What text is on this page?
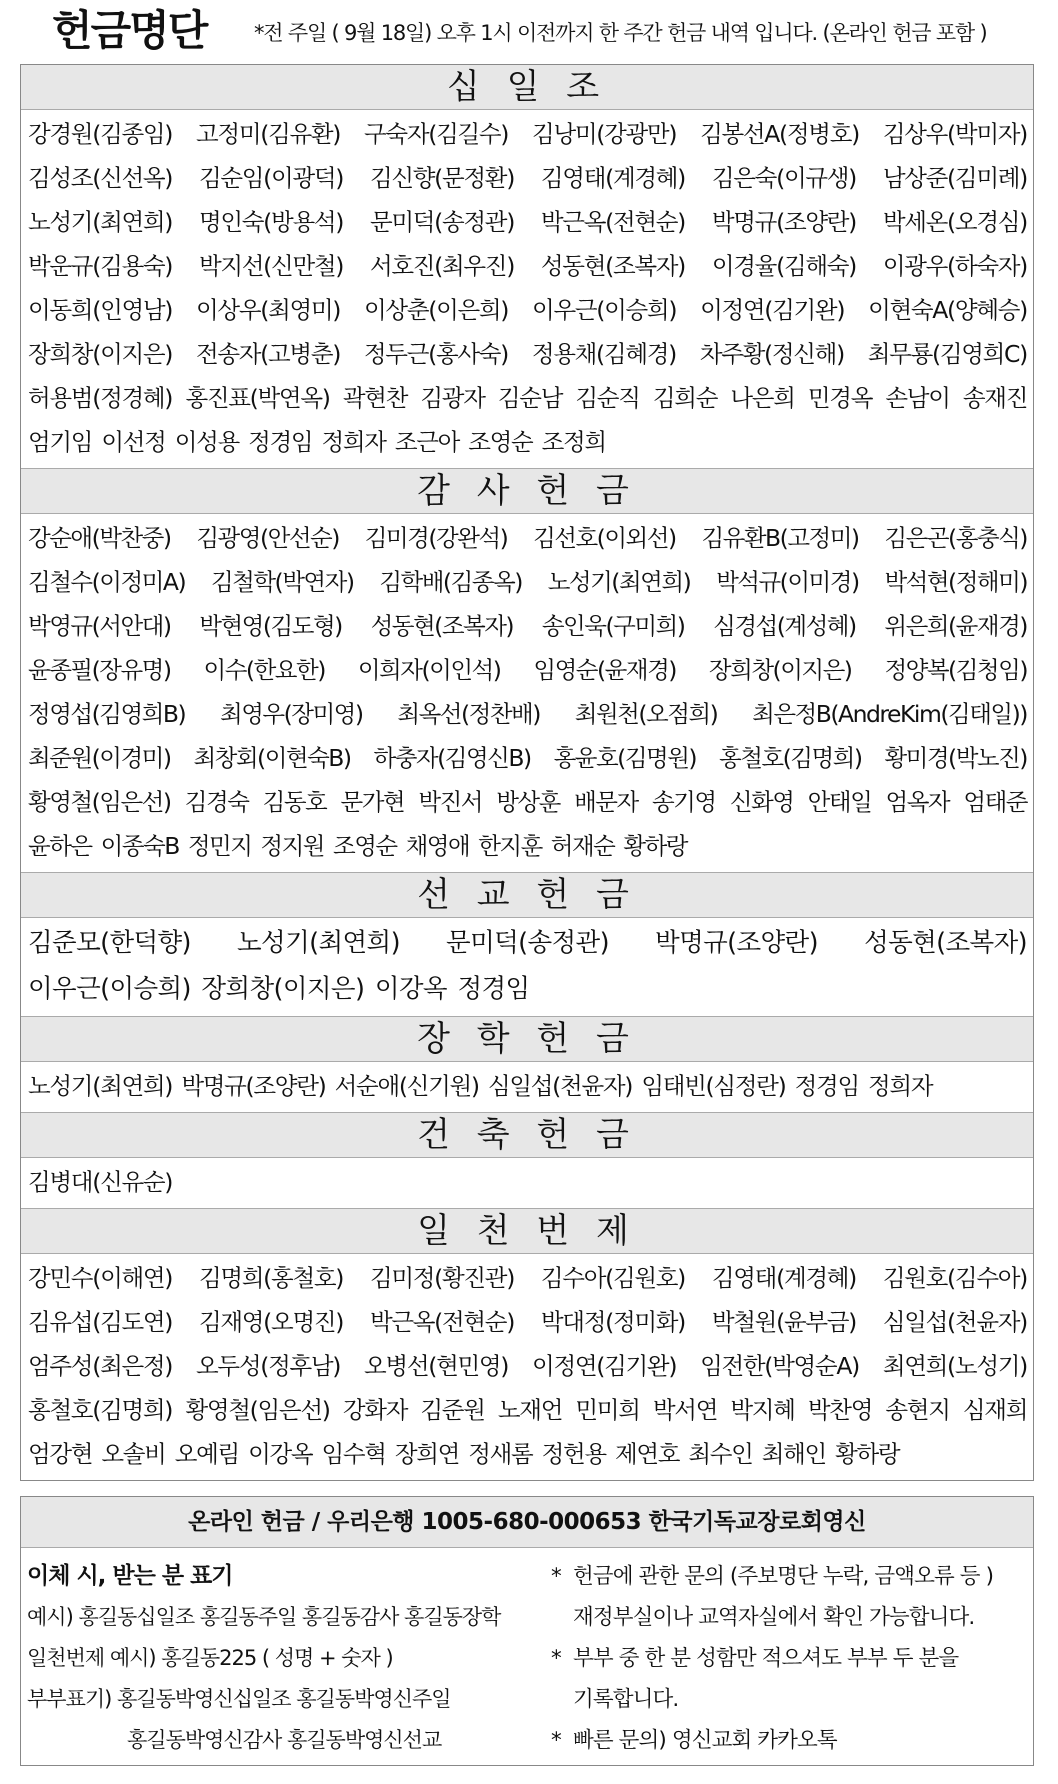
헌금명단 *전 주일 ( 9월 18일) 오후 1시 이전까지 한 주간 헌금 내역 입니다. (온라인 헌금 포함 )
십 일 조
강경원(김종임) 고정미(김유환) 구숙자(김길수) 김낭미(강광만) 김봉선A(정병호) 김상우(박미자) 김성조(신선옥) 김순임(이광덕) 김신향(문정환) 김영태(계경혜) 김은숙(이규생) 남상준(김미례) 노성기(최연희) 명인숙(방용석) 문미덕(송정관) 박근옥(전현순) 박명규(조양란) 박세온(오경심) 박운규(김용숙) 박지선(신만철) 서호진(최우진) 성동현(조복자) 이경율(김해숙) 이광우(하숙자) 이동희(인영남) 이상우(최영미) 이상춘(이은희) 이우근(이승희) 이정연(김기완) 이현숙A(양혜승) 장희창(이지은) 전송자(고병춘) 정두근(홍사숙) 정용채(김혜경) 차주황(정신해) 최무룡(김영희C) 허용범(정경혜) 홍진표(박연옥) 곽현찬 김광자 김순남 김순직 김희순 나은희 민경옥 손남이 송재진 엄기임 이선정 이성용 정경임 정희자 조근아 조영순 조정희
감 사 헌 금
강순애(박찬중) 김광영(안선순) 김미경(강완석) 김선호(이외선) 김유환B(고정미) 김은곤(홍충식) 김철수(이정미A) 김철학(박연자) 김학배(김종옥) 노성기(최연희) 박석규(이미경) 박석현(정해미) 박영규(서안대) 박현영(김도형) 성동현(조복자) 송인욱(구미희) 심경섭(계성혜) 위은희(윤재경) 윤종필(장유명) 이수(한요한) 이희자(이인석) 임영순(윤재경) 장희창(이지은) 정양복(김청임) 정영섭(김영희B) 최영우(장미영) 최옥선(정찬배) 최원천(오점희) 최은정B(AndreKim(김태일)) 최준원(이경미) 최창회(이현숙B) 하충자(김영신B) 홍윤호(김명원) 홍철호(김명희) 황미경(박노진) 황영철(임은선) 김경숙 김동호 문가현 박진서 방상훈 배문자 송기영 신화영 안태일 엄옥자 엄태준 윤하은 이종숙B 정민지 정지원 조영순 채영애 한지훈 허재순 황하랑
선 교 헌 금
김준모(한덕향) 노성기(최연희) 문미덕(송정관) 박명규(조양란) 성동현(조복자) 이우근(이승희) 장희창(이지은) 이강옥 정경임
장 학 헌 금
노성기(최연희) 박명규(조양란) 서순애(신기원) 심일섭(천윤자) 임태빈(심정란) 정경임 정희자
건 축 헌 금
김병대(신유순)
일 천 번 제
강민수(이해연) 김명희(홍철호) 김미정(황진관) 김수아(김원호) 김영태(계경혜) 김원호(김수아) 김유섭(김도연) 김재영(오명진) 박근옥(전현순) 박대정(정미화) 박철원(윤부금) 심일섭(천윤자) 엄주성(최은정) 오두성(정후남) 오병선(현민영) 이정연(김기완) 임전한(박영순A) 최연희(노성기) 홍철호(김명희) 황영철(임은선) 강화자 김준원 노재언 민미희 박서연 박지혜 박찬영 송현지 심재희 엄강현 오솔비 오예림 이강옥 임수혁 장희연 정새롬 정헌용 제연호 최수인 최해인 황하랑
온라인 헌금 / 우리은행 1005-680-000653 한국기독교장로회영신
이체 시, 받는 분 표기
예시) 홍길동십일조 홍길동주일 홍길동감사 홍길동장학
일천번제 예시) 홍길동225 ( 성명 + 숫자 )
부부표기) 홍길동박영신십일조 홍길동박영신주일
홍길동박영신감사 홍길동박영신선교
* 헌금에 관한 문의 (주보명단 누락, 금액오류 등 )
재정부실이나 교역자실에서 확인 가능합니다.
* 부부 중 한 분 성함만 적으셔도 부부 두 분을
기록합니다.
* 빠른 문의) 영신교회 카카오톡
